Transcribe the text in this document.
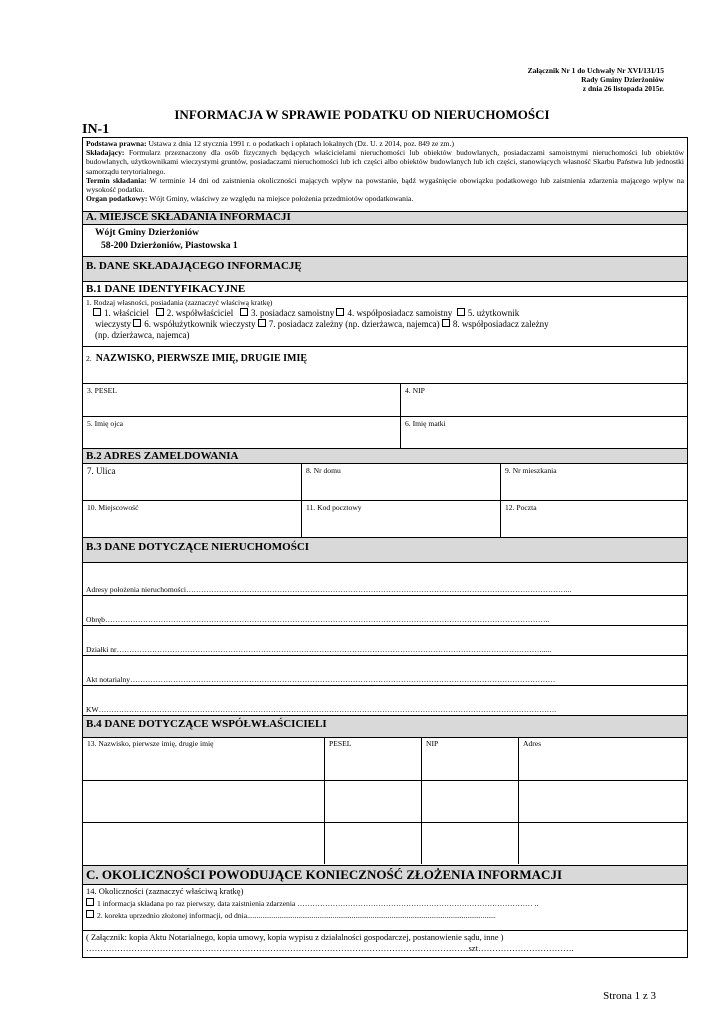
Załącznik Nr 1 do Uchwały Nr XVI/131/15
Rady Gminy Dzierżoniów
z dnia 26 listopada 2015r.
INFORMACJA W SPRAWIE PODATKU OD NIERUCHOMOŚCI
IN-1
Podstawa prawna: Ustawa z dnia 12 stycznia 1991 r. o podatkach i opłatach lokalnych (Dz. U. z 2014, poz. 849 ze zm.)
Składający: Formularz przeznaczony dla osób fizycznych będących właścicielami nieruchomości lub obiektów budowlanych, posiadaczami samoistnymi nieruchomości lub obiektów budowlanych, użytkownikami wieczystymi gruntów, posiadaczami nieruchomości lub ich części albo obiektów budowlanych lub ich części, stanowiących własność Skarbu Państwa lub jednostki samorządu terytorialnego.
Termin składania: W terminie 14 dni od zaistnienia okoliczności mających wpływ na powstanie, bądź wygaśnięcie obowiązku podatkowego lub zaistnienia zdarzenia mającego wpływ na wysokość podatku.
Organ podatkowy: Wójt Gminy, właściwy ze względu na miejsce położenia przedmiotów opodatkowania.
A. MIEJSCE SKŁADANIA INFORMACJI
Wójt Gminy Dzierżoniów
58-200 Dzierżoniów, Piastowska 1
B. DANE SKŁADAJĄCEGO INFORMACJĘ
B.1 DANE IDENTYFIKACYJNE
1. Rodzaj własności, posiadania (zaznaczyć właściwą kratkę)
1. właściciel 2. współwłaściciel 3. posiadacz samoistny 4. współposiadacz samoistny 5. użytkownik
wieczysty 6. współużytkownik wieczysty 7. posiadacz zależny (np. dzierżawca, najemca) 8. współposiadacz zależny
(np. dzierżawca, najemca)
2. NAZWISKO, PIERWSZE IMIĘ, DRUGIE IMIĘ
3. PESEL	4. NIP
5. Imię ojca	6. Imię matki
B.2 ADRES ZAMELDOWANIA
7. Ulica	8. Nr domu	9. Nr mieszkania
10. Miejscowość	11. Kod pocztowy	12. Poczta
B.3 DANE DOTYCZĄCE NIERUCHOMOŚCI
Adresy położenia nieruchomości……………………………………………………………………………………………………………………………………...
Obręb…………………………………………………………………………………………………………………………………………………………..
Działki nr…………………………………………………………………………………………………………………………………………………….....
Akt notarialny……………………………………………………………………………………………………………………………………………………
KW……………………………………………………………………………………………………………………………………………………………….
B.4 DANE DOTYCZĄCE WSPÓŁWŁAŚCICIELI
13. Nazwisko, pierwsze imię, drugie imię	PESEL	NIP	Adres

C. OKOLICZNOŚCI POWODUJĄCE KONIECZNOŚĆ ZŁOŻENIA INFORMACJI
14. Okoliczności (zaznaczyć właściwą kratkę)
1 informacja składana po raz pierwszy, data zaistnienia zdarzenia ………………………………………………………………………………… ..
2. korekta uprzednio złożonej informacji, od dnia...................................................................................................................................
( Załącznik: kopia Aktu Notarialnego, kopia umowy, kopia wypisu z działalności gospodarczej, postanowienie sądu, inne )
………………………………………………………………………………………………………………………szt…………………………….
Strona 1 z 3
